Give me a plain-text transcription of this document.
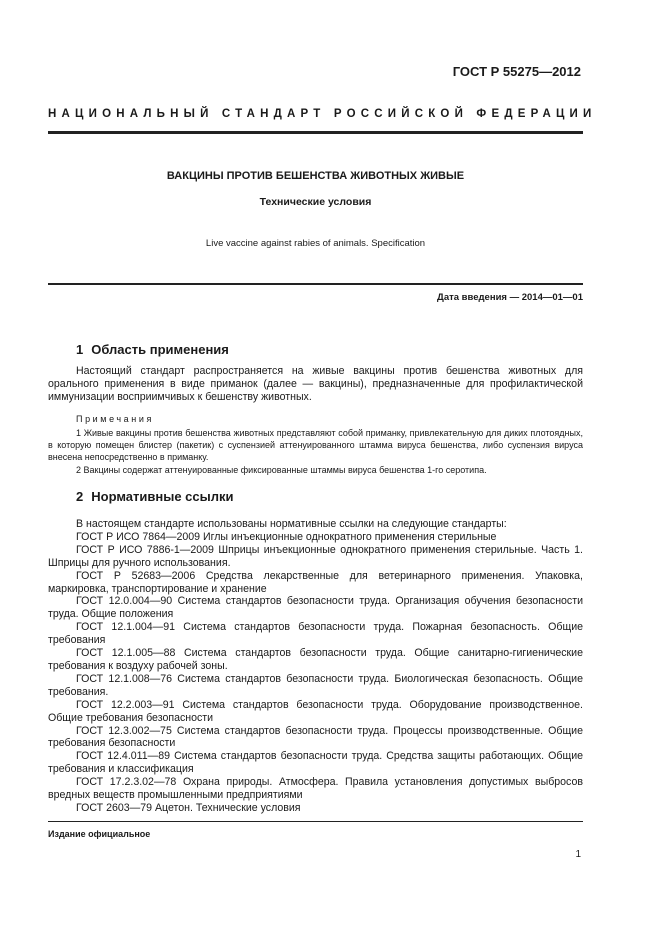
ГОСТ Р 55275—2012
НАЦИОНАЛЬНЫЙ СТАНДАРТ РОССИЙСКОЙ ФЕДЕРАЦИИ
ВАКЦИНЫ ПРОТИВ БЕШЕНСТВА ЖИВОТНЫХ ЖИВЫЕ
Технические условия
Live vaccine against rabies of animals. Specification
Дата введения — 2014—01—01
1 Область применения
Настоящий стандарт распространяется на живые вакцины против бешенства животных для орального применения в виде приманок (далее — вакцины), предназначенные для профилактической иммунизации восприимчивых к бешенству животных.
Примечания
1 Живые вакцины против бешенства животных представляют собой приманку, привлекательную для диких плотоядных, в которую помещен блистер (пакетик) с суспензией аттенуированного штамма вируса бешенства, либо суспензия вируса внесена непосредственно в приманку.
2 Вакцины содержат аттенуированные фиксированные штаммы вируса бешенства 1-го серотипа.
2 Нормативные ссылки
В настоящем стандарте использованы нормативные ссылки на следующие стандарты:
ГОСТ Р ИСО 7864—2009 Иглы инъекционные однократного применения стерильные
ГОСТ Р ИСО 7886-1—2009 Шприцы инъекционные однократного применения стерильные. Часть 1. Шприцы для ручного использования.
ГОСТ Р 52683—2006 Средства лекарственные для ветеринарного применения. Упаковка, маркировка, транспортирование и хранение
ГОСТ 12.0.004—90 Система стандартов безопасности труда. Организация обучения безопасности труда. Общие положения
ГОСТ 12.1.004—91 Система стандартов безопасности труда. Пожарная безопасность. Общие требования
ГОСТ 12.1.005—88 Система стандартов безопасности труда. Общие санитарно-гигиенические требования к воздуху рабочей зоны.
ГОСТ 12.1.008—76 Система стандартов безопасности труда. Биологическая безопасность. Общие требования.
ГОСТ 12.2.003—91 Система стандартов безопасности труда. Оборудование производственное. Общие требования безопасности
ГОСТ 12.3.002—75 Система стандартов безопасности труда. Процессы производственные. Общие требования безопасности
ГОСТ 12.4.011—89 Система стандартов безопасности труда. Средства защиты работающих. Общие требования и классификация
ГОСТ 17.2.3.02—78 Охрана природы. Атмосфера. Правила установления допустимых выбросов вредных веществ промышленными предприятиями
ГОСТ 2603—79 Ацетон. Технические условия
Издание официальное
1
